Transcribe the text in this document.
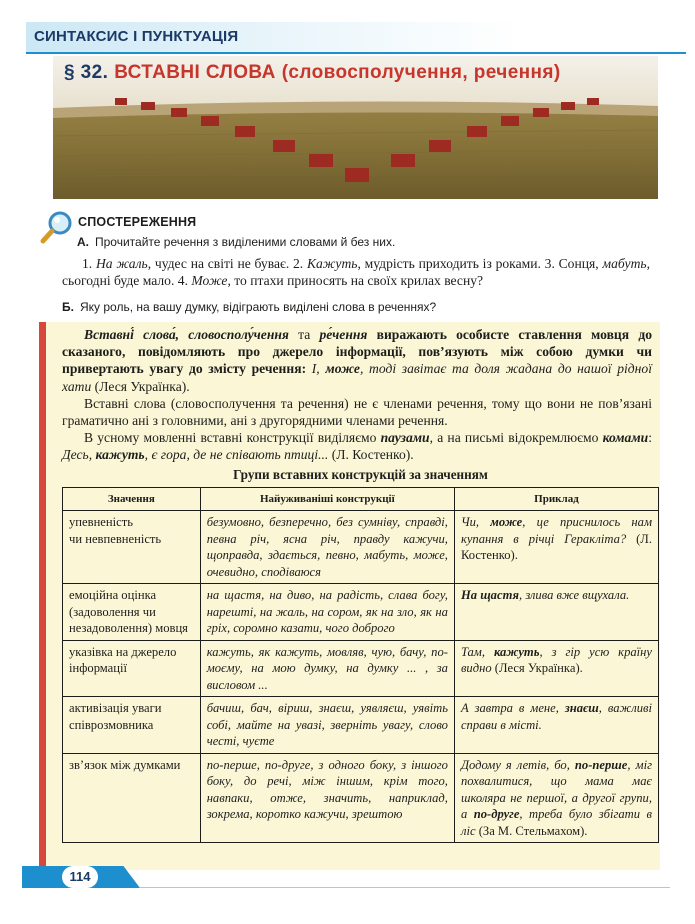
СИНТАКСИС І ПУНКТУАЦІЯ
§ 32. ВСТАВНІ СЛОВА (словосполучення, речення)
СПОСТЕРЕЖЕННЯ
А. Прочитайте речення з виділеними словами й без них.
1. На жаль, чудес на світі не буває. 2. Кажуть, мудрість приходить із роками. 3. Сонця, мабуть, сьогодні буде мало. 4. Може, то птахи приносять на своїх крилах весну?
Б. Яку роль, на вашу думку, відіграють виділені слова в реченнях?

Вставні́ слова́, словосполу́чення та ре́чення виражають особисте ставлення мовця до сказаного, повідомляють про джерело інформації, пов’язують між собою думки чи привертають увагу до змісту речення: І, може, тоді завітає та доля жадана до нашої рідної хати (Леся Українка).

Вставні слова (словосполучення та речення) не є членами речення, тому що вони не пов’язані граматично ані з головними, ані з другорядними членами речення.

В усному мовленні вставні конструкції виділяємо паузами, а на письмі відокремлюємо комами: Десь, кажуть, є гора, де не співають птиці... (Л. Костенко).

Групи вставних конструкцій за значенням
Значення	Найуживаніші конструкції	Приклад
упевненість
чи невпевненість	безумовно, безперечно, без сумніву, справді, певна річ, ясна річ, правду кажучи, щоправда, здається, певно, мабуть, може, очевидно, сподіваюся	Чи, може, це приснилось нам купання в річці Геракліта? (Л. Костенко).
емоційна оцінка (задоволення чи незадоволення) мовця	на щастя, на диво, на радість, слава богу, нарешті, на жаль, на сором, як на зло, як на гріх, соромно казати, чого доброго	На щастя, злива вже вщухала.
указівка на джерело інформації	кажуть, як кажуть, мовляв, чую, бачу, по-моєму, на мою думку, на думку ... , за висловом ...	Там, кажуть, з гір усю країну видно (Леся Українка).
активізація уваги співрозмовника	бачиш, бач, віриш, знаєш, уявляєш, уявіть собі, майте на увазі, зверніть увагу, слово честі, чуєте	А завтра в мене, знаєш, важливі справи в місті.
зв’язок між думками	по-перше, по-друге, з одного боку, з іншого боку, до речі, між іншим, крім того, навпаки, отже, значить, наприклад, зокрема, коротко кажучи, зрештою	Додому я летів, бо, по-перше, міг похвалитися, що мама має школяра не першої, а другої групи, а по-друге, треба було збігати в ліс (За М. Стельмахом).
114
